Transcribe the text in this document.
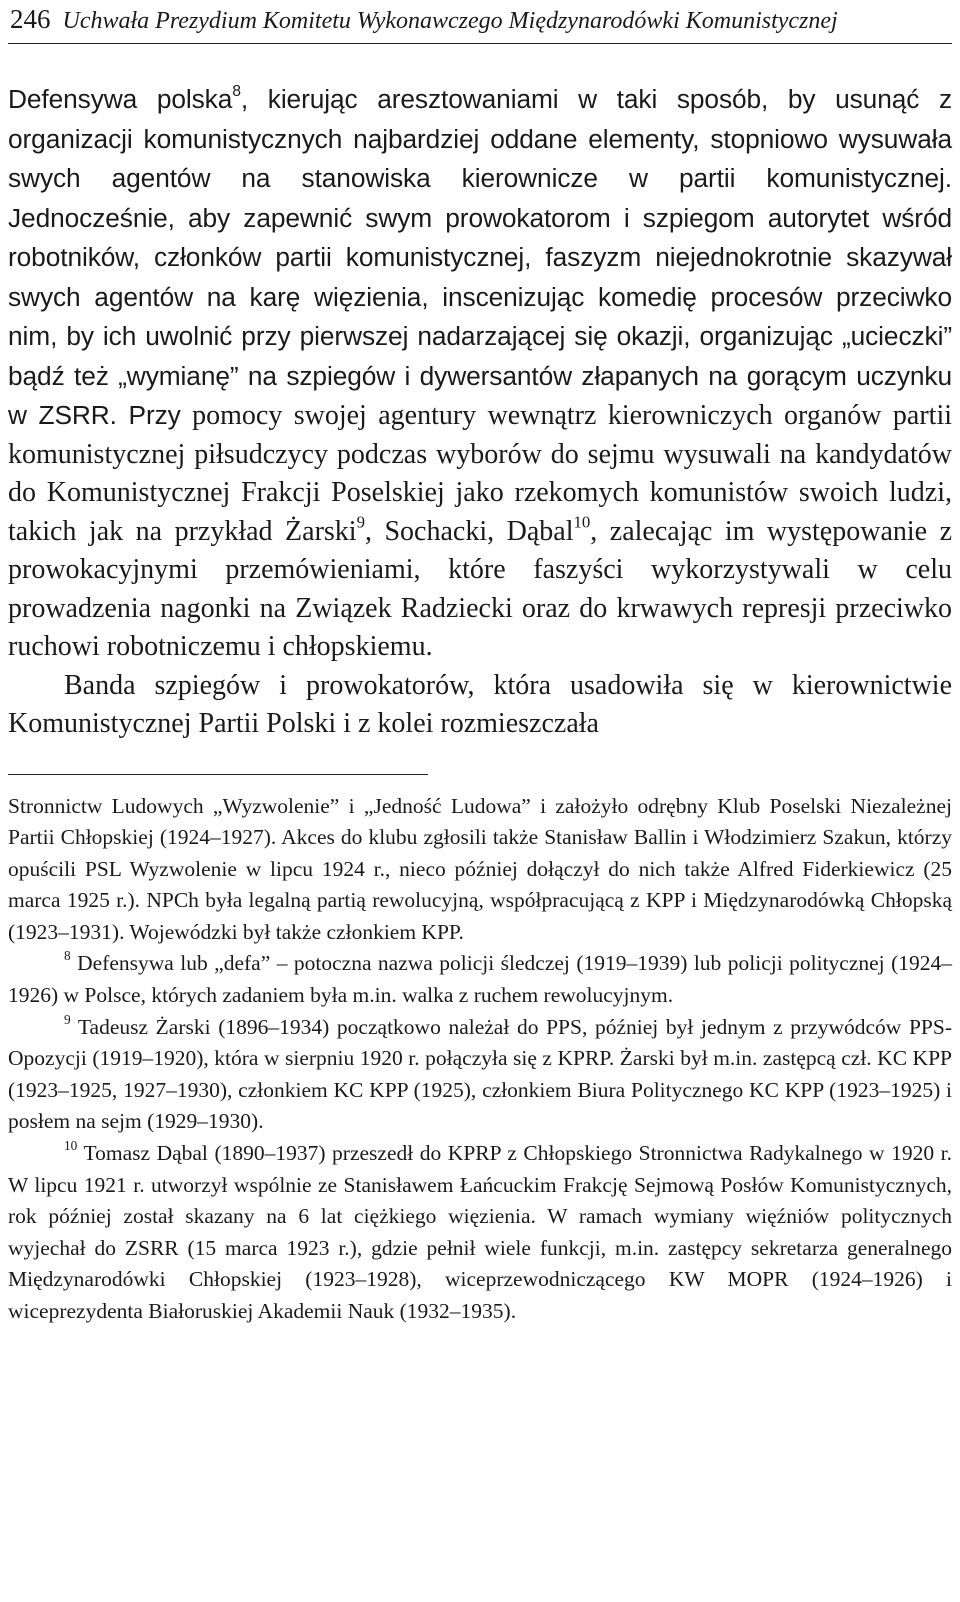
246 Uchwała Prezydium Komitetu Wykonawczego Międzynarodówki Komunistycznej

Defensywa polska$^8$, kierując aresztowaniami w taki sposób, by usunąć z organizacji komunistycznych najbardziej oddane elementy, stopniowo wysuwała swych agentów na stanowiska kierownicze w partii komunistycznej. Jednocześnie, aby zapewnić swym prowokatorom i szpiegom autorytet wśród robotników, członków partii komunistycznej, faszyzm niejednokrotnie skazywał swych agentów na karę więzienia, inscenizując komedię procesów przeciwko nim, by ich uwolnić przy pierwszej nadarzającej się okazji, organizując „ucieczki” bądź też „wymianę” na szpiegów i dywersantów złapanych na gorącym uczynku w ZSRR. Przy pomocy swojej agentury wewnątrz kierowniczych organów partii komunistycznej piłsudczycy podczas wyborów do sejmu wysuwali na kandydatów do Komunistycznej Frakcji Poselskiej jako rzekomych komunistów swoich ludzi, takich jak na przykład Żarski$^9$, Sochacki, Dąbal$^{10}$, zalecając im występowanie z prowokacyjnymi przemówieniami, które faszyści wykorzystywali w celu prowadzenia nagonki na Związek Radziecki oraz do krwawych represji przeciwko ruchowi robotniczemu i chłopskiemu.

Banda szpiegów i prowokatorów, która usadowiła się w kierownictwie Komunistycznej Partii Polski i z kolei rozmieszczała

Stronnictw Ludowych „Wyzwolenie” i „Jedność Ludowa” i założyło odrębny Klub Poselski Niezależnej Partii Chłopskiej (1924–1927). Akces do klubu zgłosili także Stanisław Ballin i Włodzimierz Szakun, którzy opuścili PSL Wyzwolenie w lipcu 1924 r., nieco później dołączył do nich także Alfred Fiderkiewicz (25 marca 1925 r.). NPCh była legalną partią rewolucyjną, współpracującą z KPP i Międzynarodówką Chłopską (1923–1931). Wojewódzki był także członkiem KPP.

$^8$ Defensywa lub „defa” – potoczna nazwa policji śledczej (1919–1939) lub policji politycznej (1924–1926) w Polsce, których zadaniem była m.in. walka z ruchem rewolucyjnym.

$^9$ Tadeusz Żarski (1896–1934) początkowo należał do PPS, później był jednym z przywódców PPS-Opozycji (1919–1920), która w sierpniu 1920 r. połączyła się z KPRP. Żarski był m.in. zastępcą czł. KC KPP (1923–1925, 1927–1930), członkiem KC KPP (1925), członkiem Biura Politycznego KC KPP (1923–1925) i posłem na sejm (1929–1930).

$^{10}$ Tomasz Dąbal (1890–1937) przeszedł do KPRP z Chłopskiego Stronnictwa Radykalnego w 1920 r. W lipcu 1921 r. utworzył wspólnie ze Stanisławem Łańcuckim Frakcję Sejmową Posłów Komunistycznych, rok później został skazany na 6 lat ciężkiego więzienia. W ramach wymiany więźniów politycznych wyjechał do ZSRR (15 marca 1923 r.), gdzie pełnił wiele funkcji, m.in. zastępcy sekretarza generalnego Międzynarodówki Chłopskiej (1923–1928), wiceprzewodniczącego KW MOPR (1924–1926) i wiceprezydenta Białoruskiej Akademii Nauk (1932–1935).
